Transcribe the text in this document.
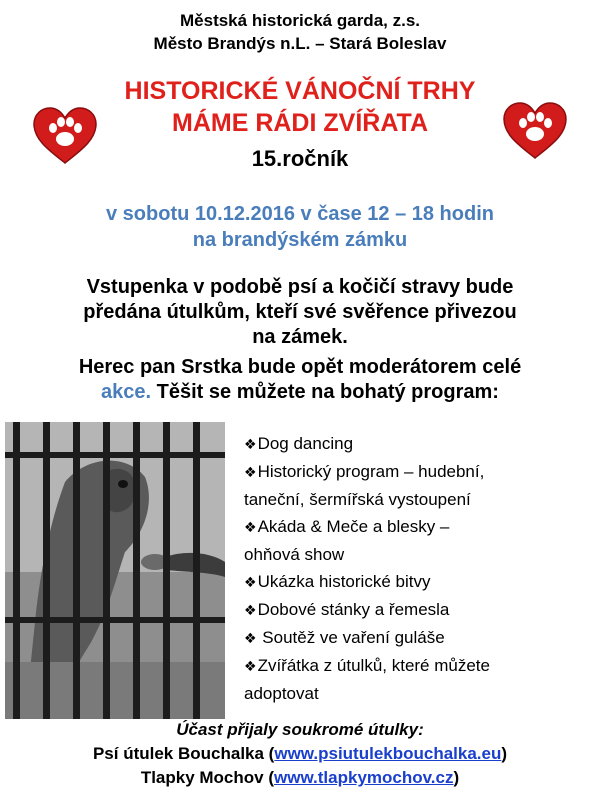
Městská historická garda, z.s.
Město Brandýs n.L. – Stará Boleslav
HISTORICKÉ VÁNOČNÍ TRHY
MÁME RÁDI ZVÍŘATA
15.ročník
v sobotu 10.12.2016 v čase 12 – 18 hodin
na brandýském zámku
Vstupenka v podobě psí a kočičí stravy bude
předána útulkům, kteří své svěřence přivezou
na zámek.
Herec pan Srstka bude opět moderátorem celé
akce. Těšit se můžete na bohatý program:
❖Dog dancing
❖Historický program – hudební,
taneční, šermířská vystoupení
❖Akáda & Meče a blesky –
ohňová show
❖Ukázka historické bitvy
❖Dobové stánky a řemesla
❖ Soutěž ve vaření guláše
❖Zvířátka z útulků, které můžete
adoptovat
Účast přijaly soukromé útulky:
Psí útulek Bouchalka (www.psiutulekbouchalka.eu)
Tlapky Mochov (www.tlapkymochov.cz)
